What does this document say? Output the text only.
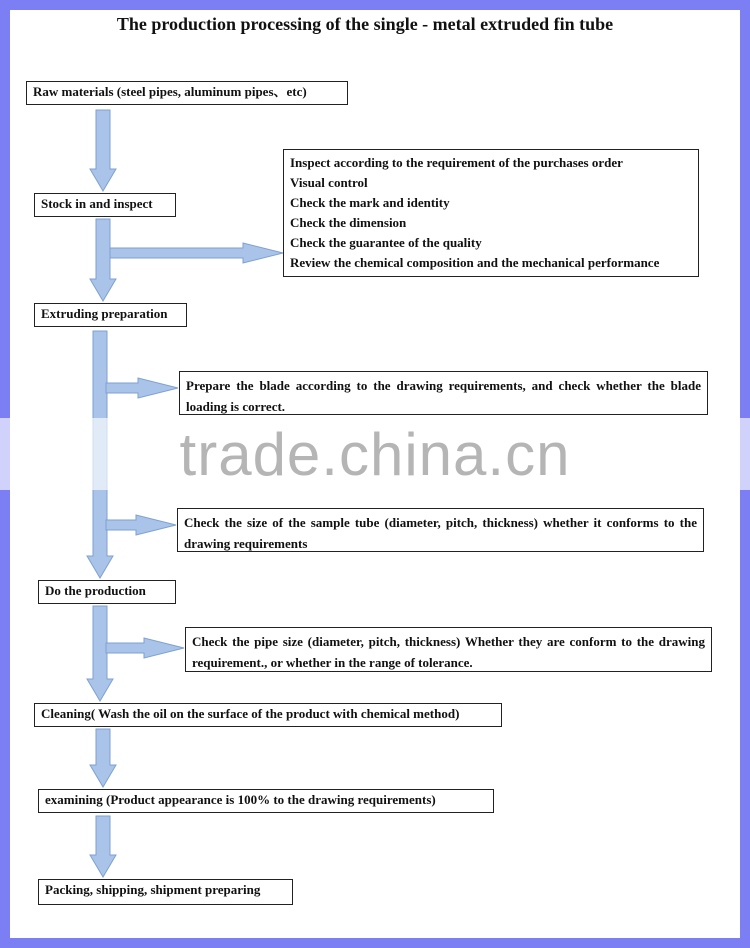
The production processing of the single - metal extruded fin tube
Raw materials (steel pipes, aluminum pipes、etc)
Stock in and inspect
Extruding preparation
Do the production
Cleaning( Wash the oil on the surface of the product with chemical method)
examining (Product appearance is 100% to the drawing requirements)
Packing, shipping, shipment preparing
Inspect according to the requirement of the purchases order
Visual control
Check the mark and identity
Check the dimension
Check the guarantee of the quality
Review the chemical composition and the mechanical performance
Prepare the blade according to the drawing requirements, and check whether the blade loading is correct.
Check the size of the sample tube (diameter, pitch, thickness) whether it conforms to the drawing requirements
Check the pipe size (diameter, pitch, thickness) Whether they are conform to the drawing requirement., or whether in the range of tolerance.
trade.china.cn
